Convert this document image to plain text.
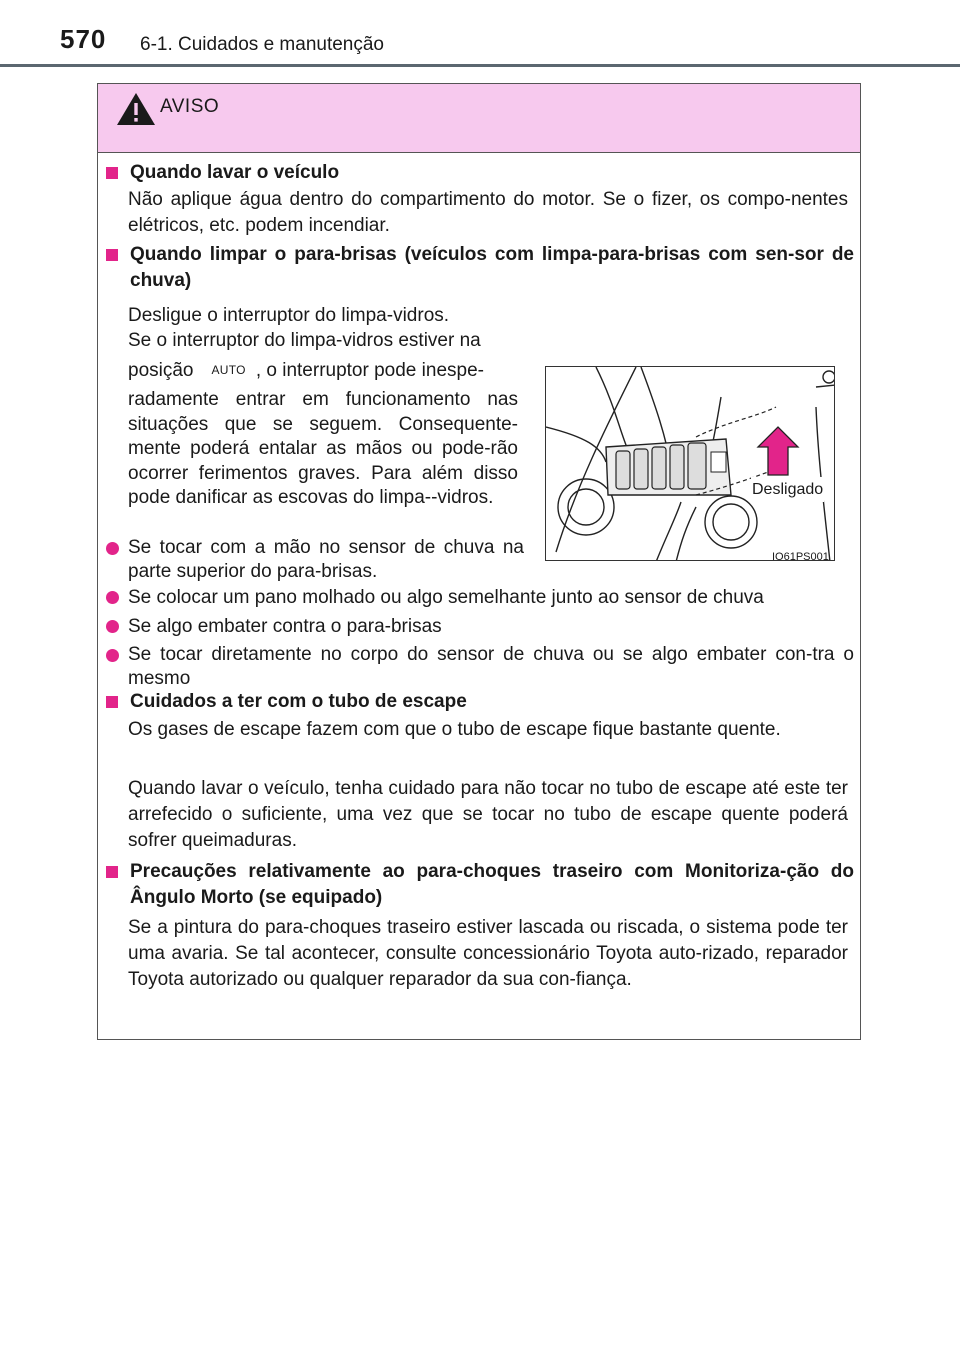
570 6-1. Cuidados e manutenção
AVISO
Quando lavar o veículo
Não aplique água dentro do compartimento do motor. Se o fizer, os compo-nentes elétricos, etc. podem incendiar.
Quando limpar o para-brisas (veículos com limpa-para-brisas com sen-sor de chuva)
Desligue o interruptor do limpa-vidros.
Se o interruptor do limpa-vidros estiver na
posição AUTO , o interruptor pode inespe-
radamente entrar em funcionamento nas situações que se seguem. Consequente-mente poderá entalar as mãos ou pode-rão ocorrer ferimentos graves. Para além disso pode danificar as escovas do limpa--vidros.
Se tocar com a mão no sensor de chuva na parte superior do para-brisas.
Se colocar um pano molhado ou algo semelhante junto ao sensor de chuva
Se algo embater contra o para-brisas
Se tocar diretamente no corpo do sensor de chuva ou se algo embater con-tra o mesmo
Desligado
IO61PS001
Cuidados a ter com o tubo de escape
Os gases de escape fazem com que o tubo de escape fique bastante quente.
Quando lavar o veículo, tenha cuidado para não tocar no tubo de escape até este ter arrefecido o suficiente, uma vez que se tocar no tubo de escape quente poderá sofrer queimaduras.
Precauções relativamente ao para-choques traseiro com Monitoriza-ção do Ângulo Morto (se equipado)
Se a pintura do para-choques traseiro estiver lascada ou riscada, o sistema pode ter uma avaria. Se tal acontecer, consulte concessionário Toyota auto-rizado, reparador Toyota autorizado ou qualquer reparador da sua con-fiança.
